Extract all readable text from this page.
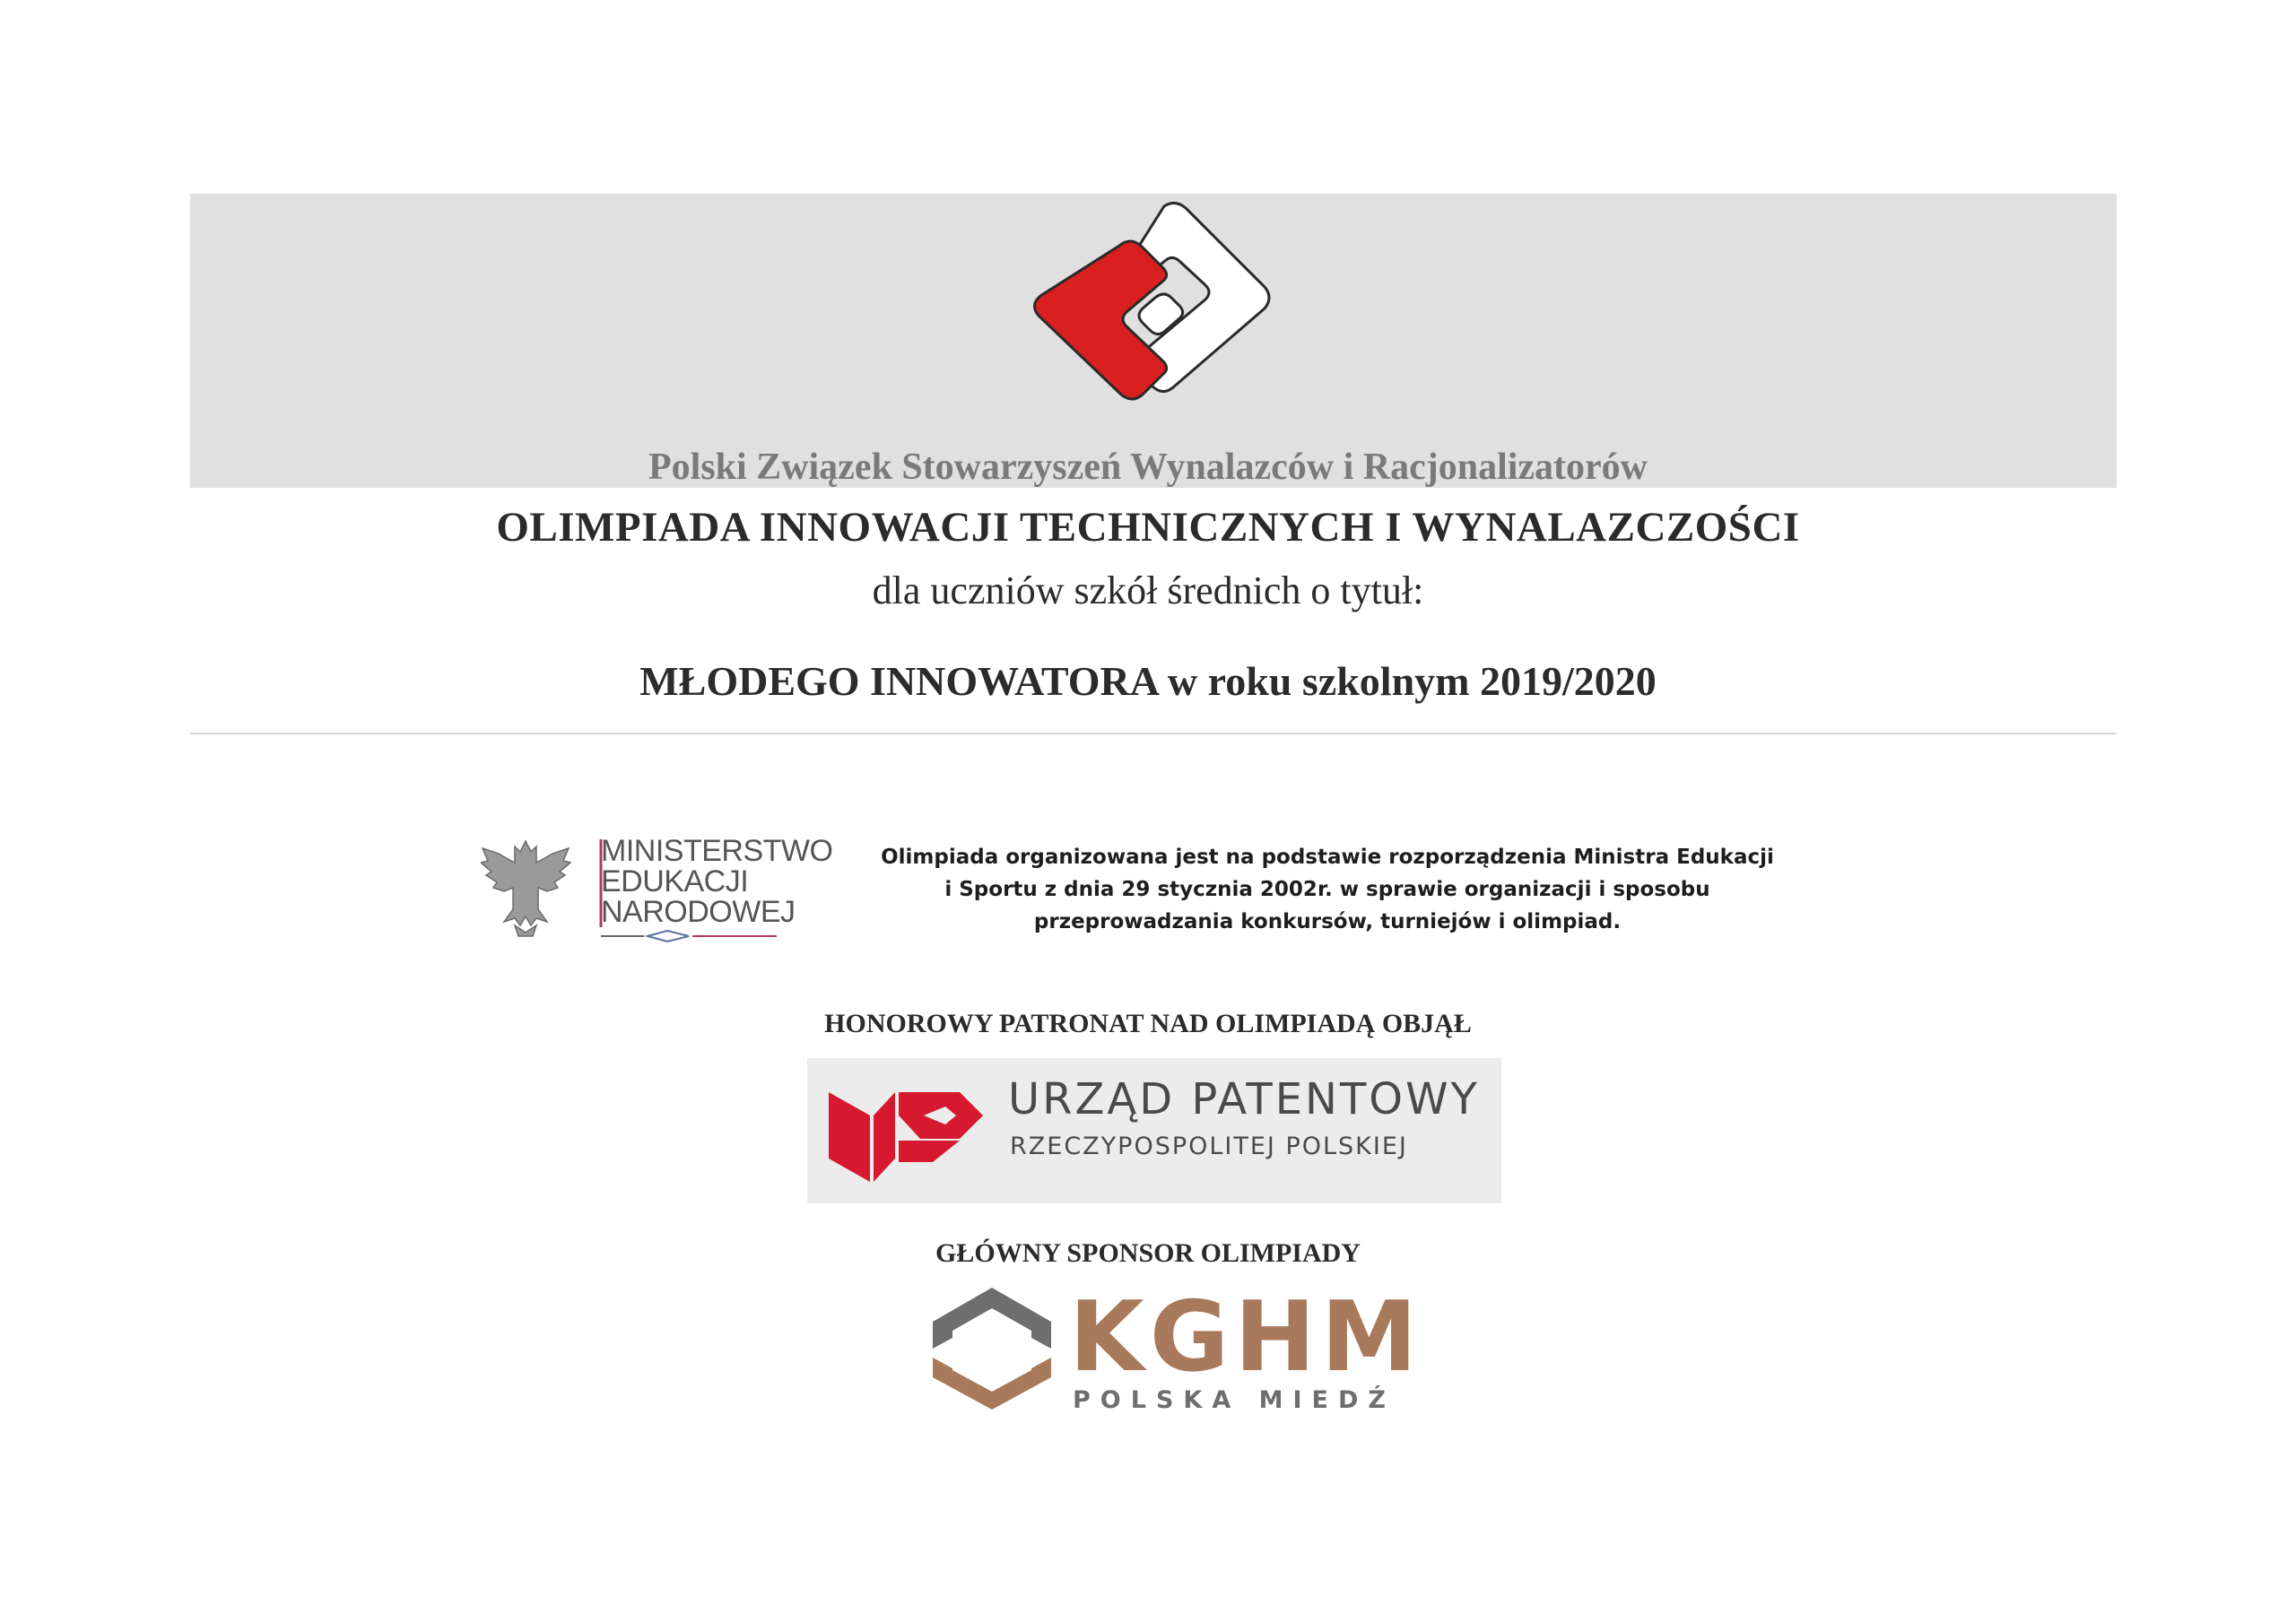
Polski Związek Stowarzyszeń Wynalazców i Racjonalizatorów
OLIMPIADA INNOWACJI TECHNICZNYCH I WYNALAZCZOŚCI
dla uczniów szkół średnich o tytuł:
MŁODEGO INNOWATORA w roku szkolnym 2019/2020
MINISTERSTWO
EDUKACJI
NARODOWEJ
Olimpiada organizowana jest na podstawie rozporządzenia Ministra Edukacji
i Sportu z dnia 29 stycznia 2002r. w sprawie organizacji i sposobu
przeprowadzania konkursów, turniejów i olimpiad.
HONOROWY PATRONAT NAD OLIMPIADĄ OBJĄŁ
URZĄD PATENTOWY
RZECZYPOSPOLITEJ POLSKIEJ
GŁÓWNY SPONSOR OLIMPIADY
KGHM
POLSKA MIEDŹ
